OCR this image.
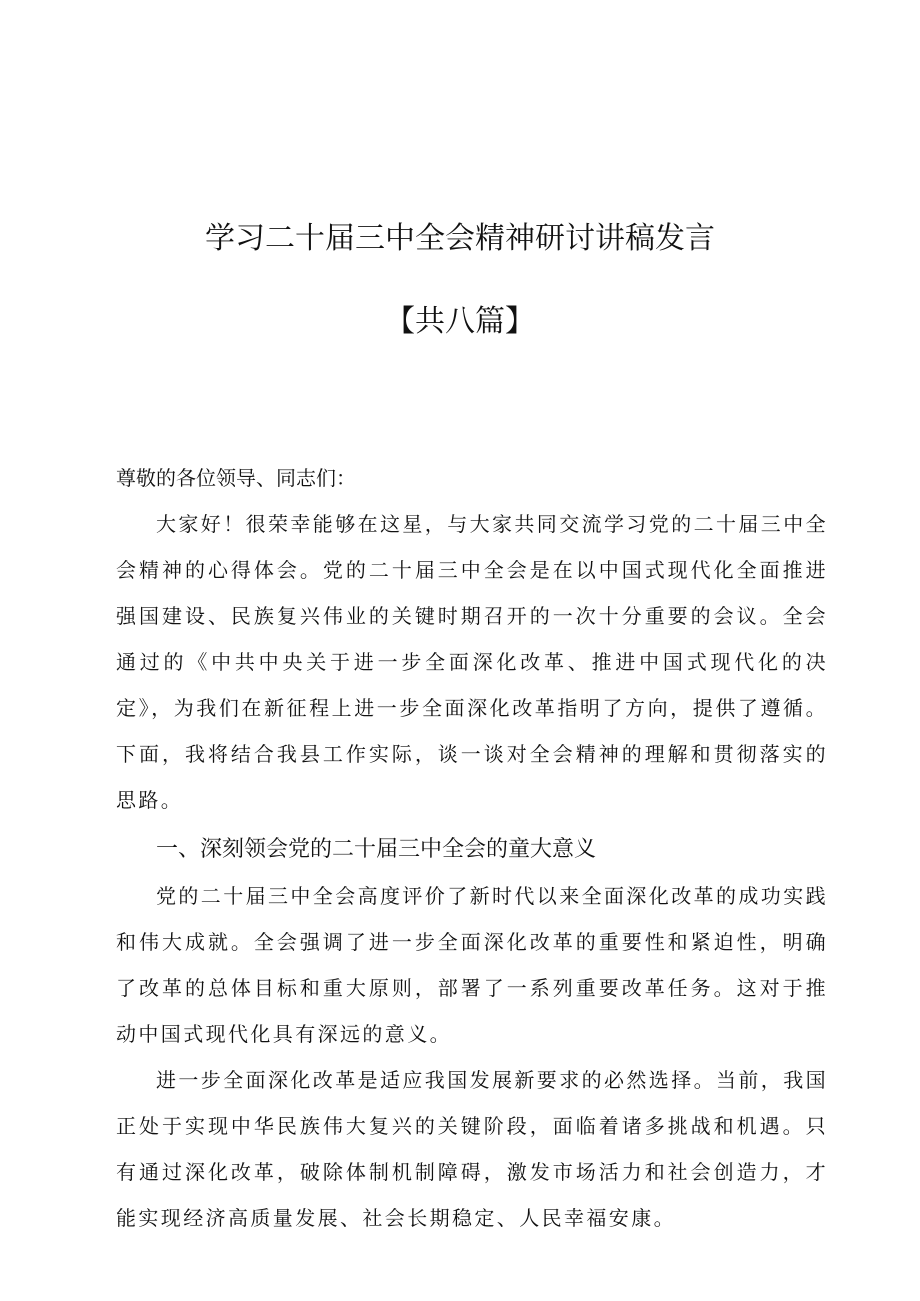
学习二十届三中全会精神研讨讲稿发言
【共八篇】

尊敬的各位领导、同志们：

大家好！很荣幸能够在这星，与大家共同交流学习党的二十届三中全会精神的心得体会。党的二十届三中全会是在以中国式现代化全面推进强国建设、民族复兴伟业的关键时期召开的一次十分重要的会议。全会通过的《中共中央关于进一步全面深化改革、推进中国式现代化的决定》，为我们在新征程上进一步全面深化改革指明了方向，提供了遵循。下面，我将结合我县工作实际，谈一谈对全会精神的理解和贯彻落实的思路。

一、深刻领会党的二十届三中全会的童大意义

党的二十届三中全会高度评价了新时代以来全面深化改革的成功实践和伟大成就。全会强调了进一步全面深化改革的重要性和紧迫性，明确了改革的总体目标和重大原则，部署了一系列重要改革任务。这对于推动中国式现代化具有深远的意义。

进一步全面深化改革是适应我国发展新要求的必然选择。当前，我国正处于实现中华民族伟大复兴的关键阶段，面临着诸多挑战和机遇。只有通过深化改革，破除体制机制障碍，激发市场活力和社会创造力，才能实现经济高质量发展、社会长期稳定、人民幸福安康。
